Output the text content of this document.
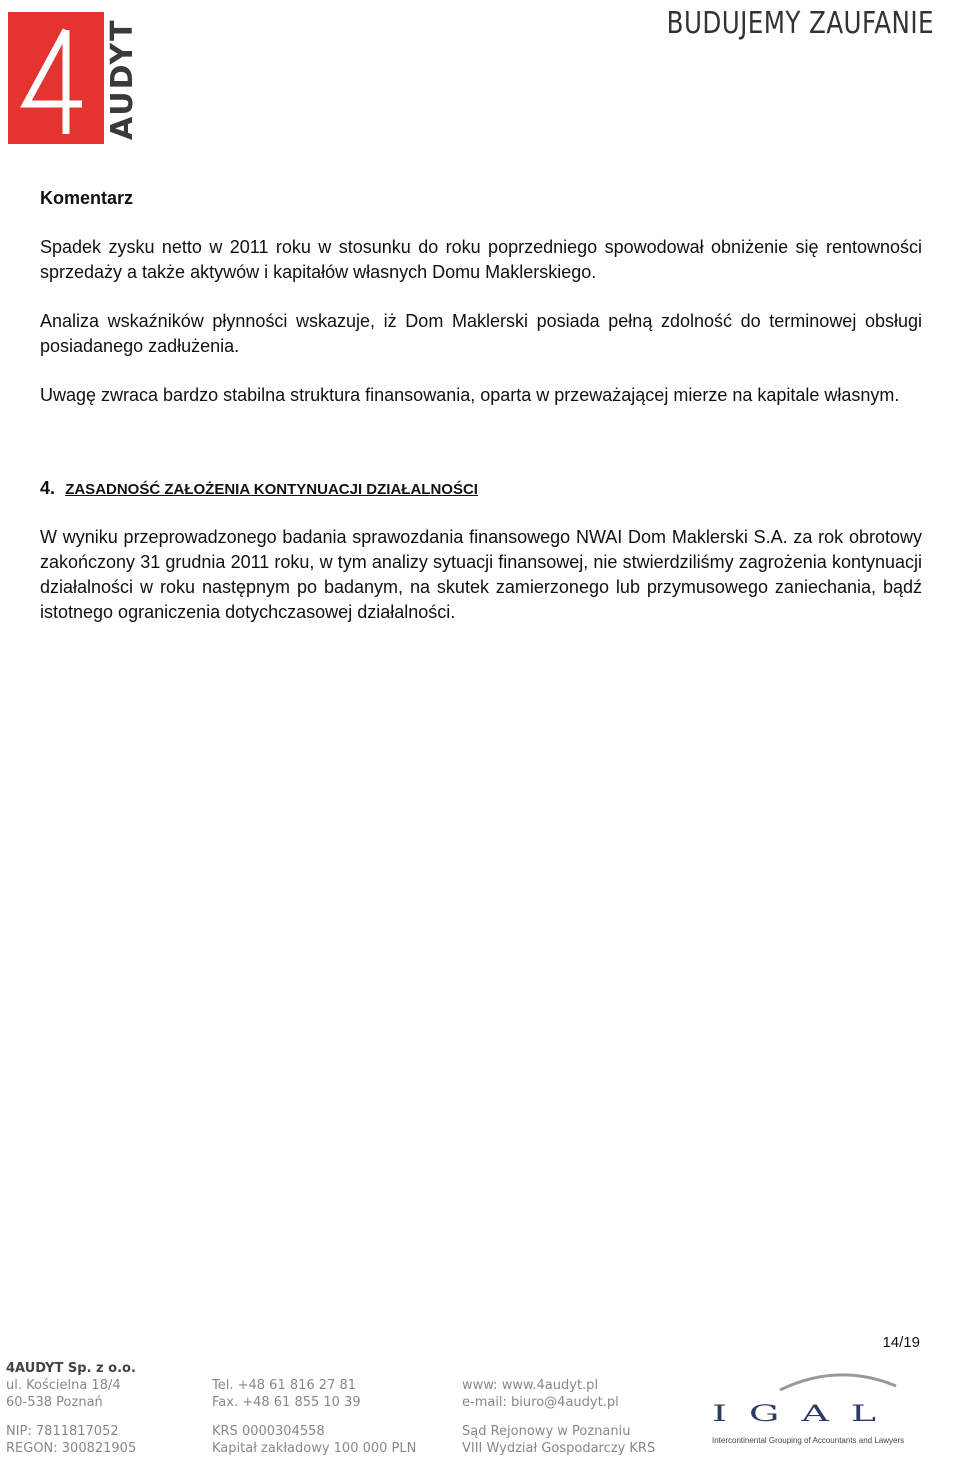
AUDYT	BUDUJEMY ZAUFANIE
Komentarz

Spadek zysku netto w 2011 roku w stosunku do roku poprzedniego spowodował obniżenie się rentowności sprzedaży a także aktywów i kapitałów własnych Domu Maklerskiego.

Analiza wskaźników płynności wskazuje, iż Dom Maklerski posiada pełną zdolność do terminowej obsługi posiadanego zadłużenia.

Uwagę zwraca bardzo stabilna struktura finansowania, oparta w przeważającej mierze na kapitale własnym.

4. ZASADNOŚĆ ZAŁOŻENIA KONTYNUACJI DZIAŁALNOŚCI

W wyniku przeprowadzonego badania sprawozdania finansowego NWAI Dom Maklerski S.A. za rok obrotowy zakończony 31 grudnia 2011 roku, w tym analizy sytuacji finansowej, nie stwierdziliśmy zagrożenia kontynuacji działalności w roku następnym po badanym, na skutek zamierzonego lub przymusowego zaniechania, bądź istotnego ograniczenia dotychczasowej działalności.

14/19
4AUDYT Sp. z o.o.
ul. Kościelna 18/4
60-538 Poznań
NIP: 7811817052
REGON: 300821905
Tel. +48 61 816 27 81
Fax. +48 61 855 10 39
KRS 0000304558
Kapitał zakładowy 100 000 PLN
www: www.4audyt.pl
e-mail: biuro@4audyt.pl
Sąd Rejonowy w Poznaniu
VIII Wydział Gospodarczy KRS
IGAL
Intercontinental Grouping of Accountants and Lawyers
